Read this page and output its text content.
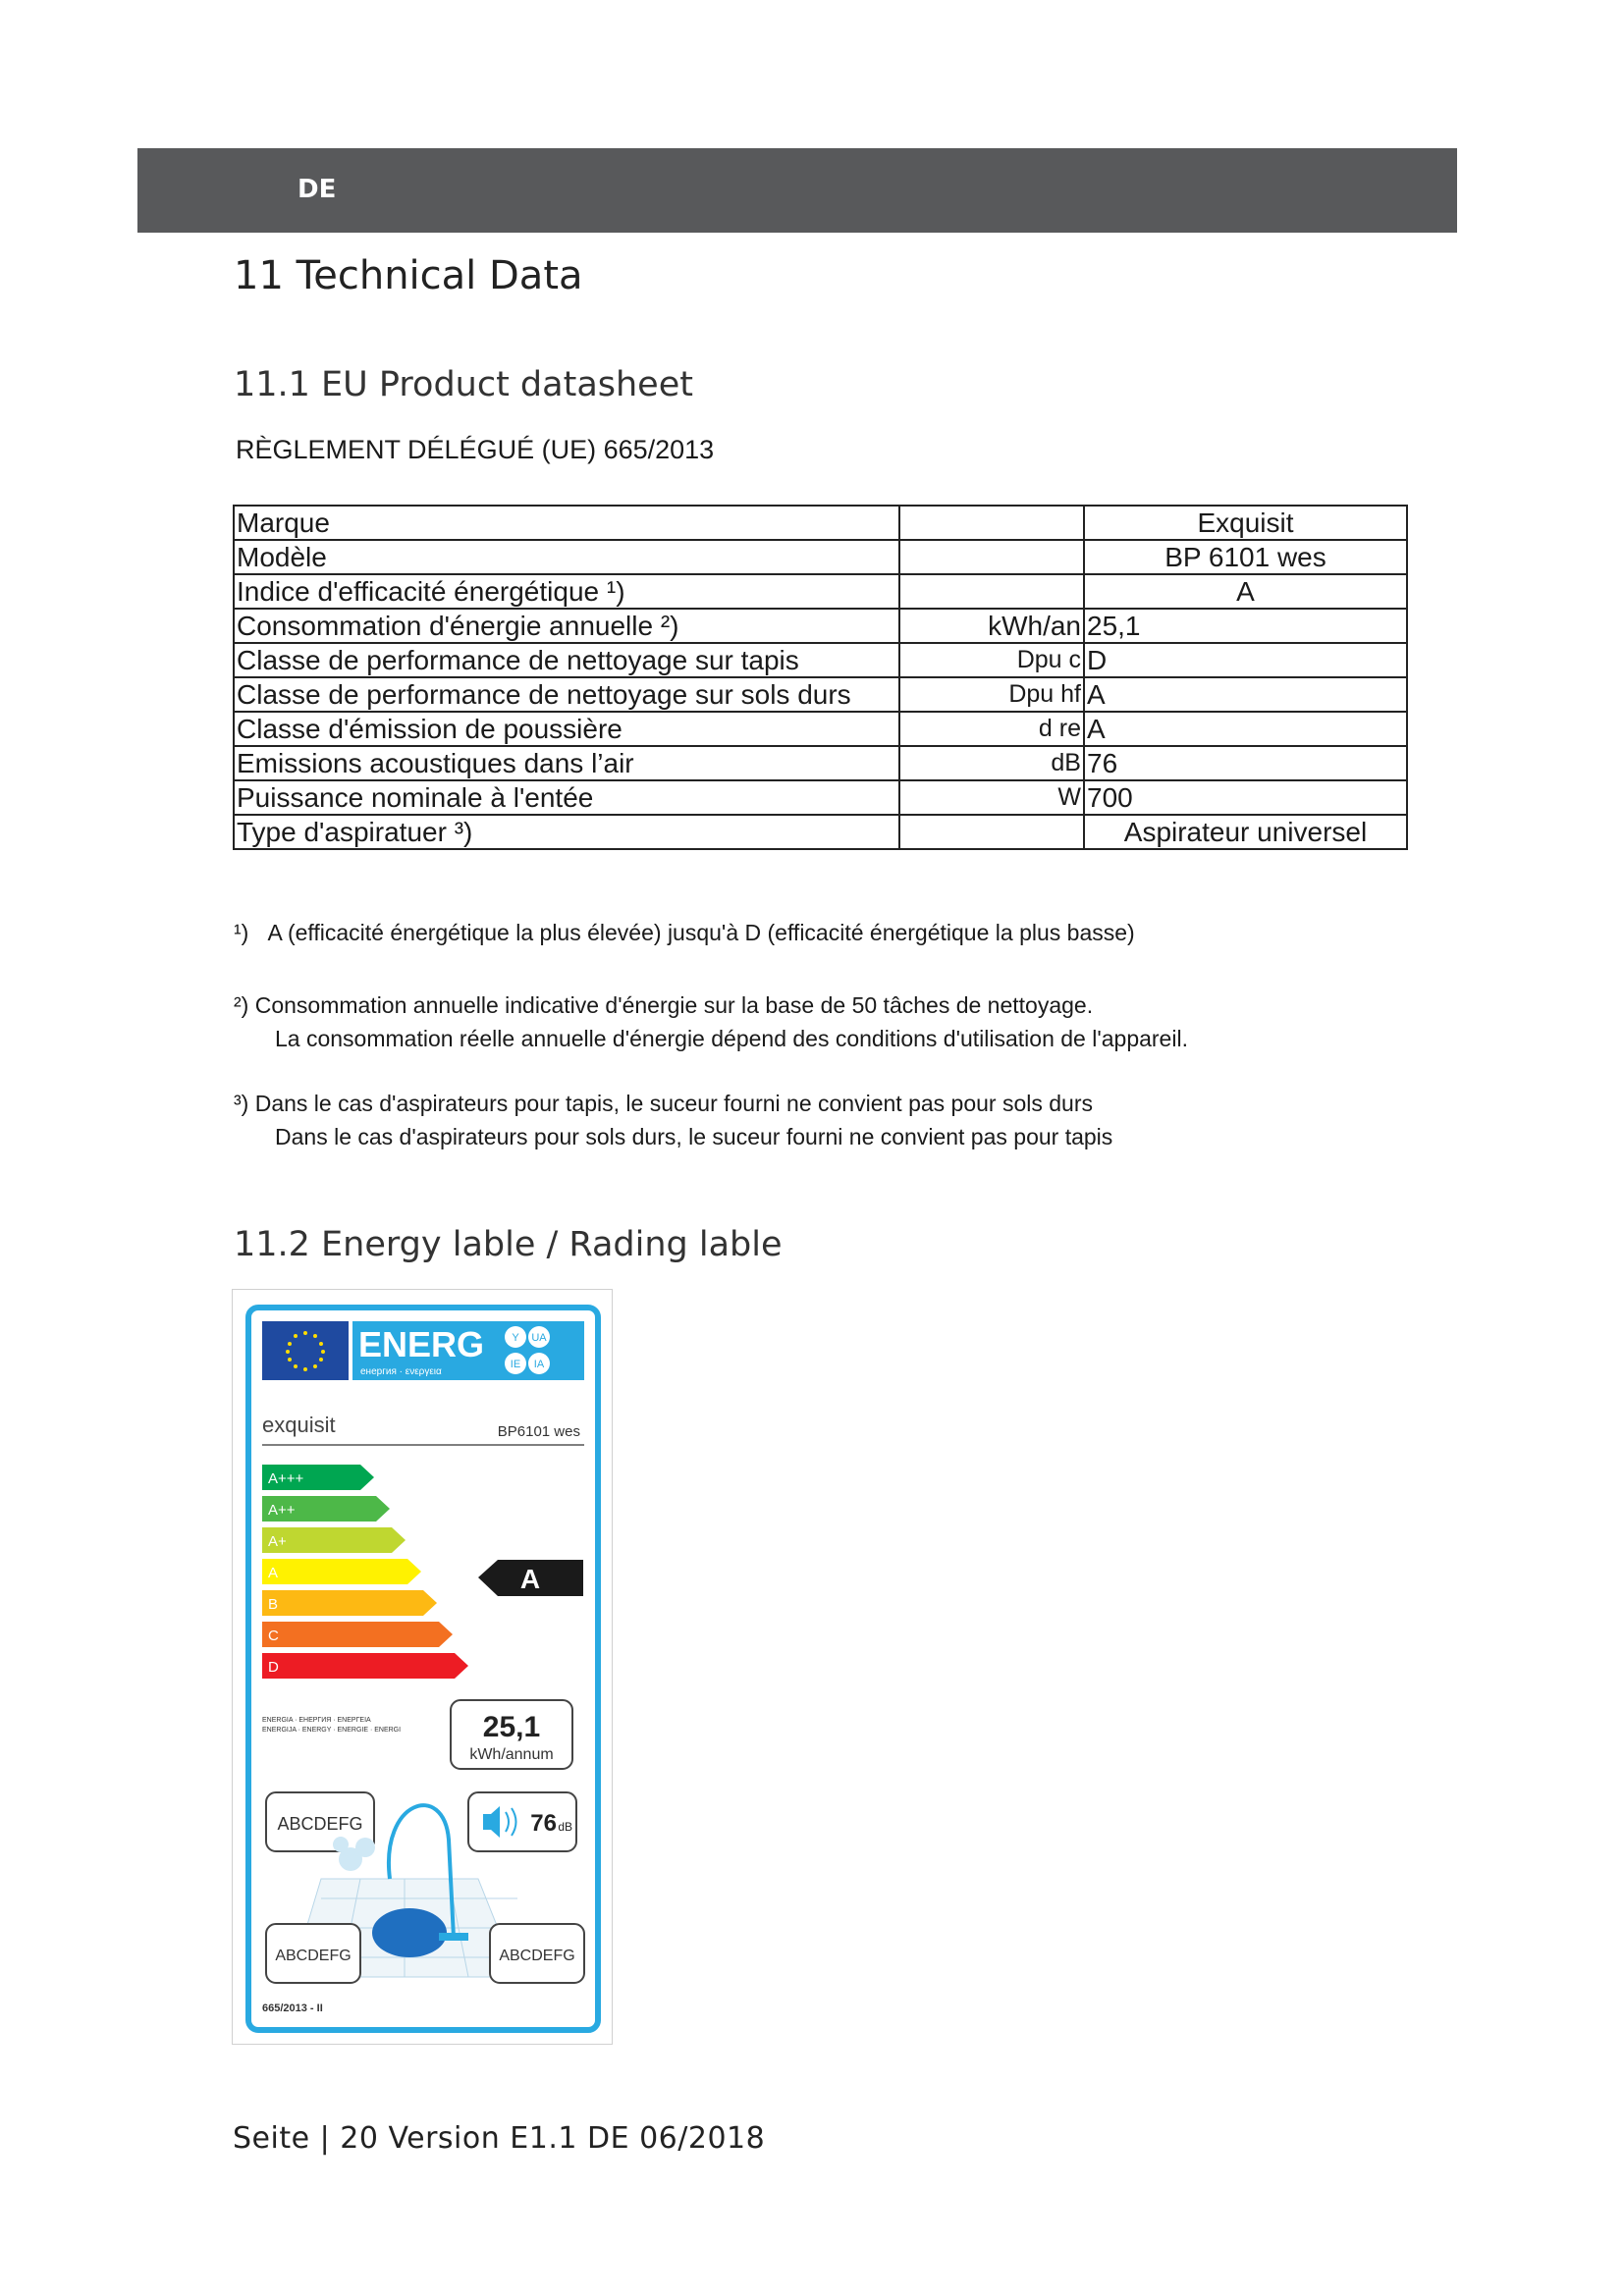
DE
11 Technical Data
11.1 EU Product datasheet
RÈGLEMENT DÉLÉGUÉ (UE) 665/2013
Marque		Exquisit
Modèle		BP 6101 wes
Indice d'efficacité énergétique ¹)		A
Consommation d'énergie annuelle ²)	kWh/an	25,1
Classe de performance de nettoyage sur tapis	Dpu c	D
Classe de performance de nettoyage sur sols durs	Dpu hf	A
Classe d'émission de poussière	d re	A
Emissions acoustiques dans l’air	dB	76
Puissance nominale à l'entée	W	700
Type d'aspiratuer ³)		Aspirateur universel
¹) A (efficacité énergétique la plus élevée) jusqu'à D (efficacité énergétique la plus basse)
²) Consommation annuelle indicative d'énergie sur la base de 50 tâches de nettoyage.
La consommation réelle annuelle d'énergie dépend des conditions d'utilisation de l'appareil.
³) Dans le cas d'aspirateurs pour tapis, le suceur fourni ne convient pas pour sols durs
Dans le cas d'aspirateurs pour sols durs, le suceur fourni ne convient pas pour tapis
11.2 Energy lable / Rading lable
ENERG
енергия · ενεργεια
Y UA
IE IA
exquisit	BP6101 wes
A+++
A++
A+
A
B
C
D
A
ENERGIA · ЕНЕРГИЯ · ΕΝΕΡΓΕΙΑ
ENERGIJA · ENERGY · ENERGIE · ENERGI	25,1
kWh/annum
ABCDEFG	76 dB
ABCDEFG	ABCDEFG
665/2013 - II
Seite | 20 Version E1.1 DE 06/2018
